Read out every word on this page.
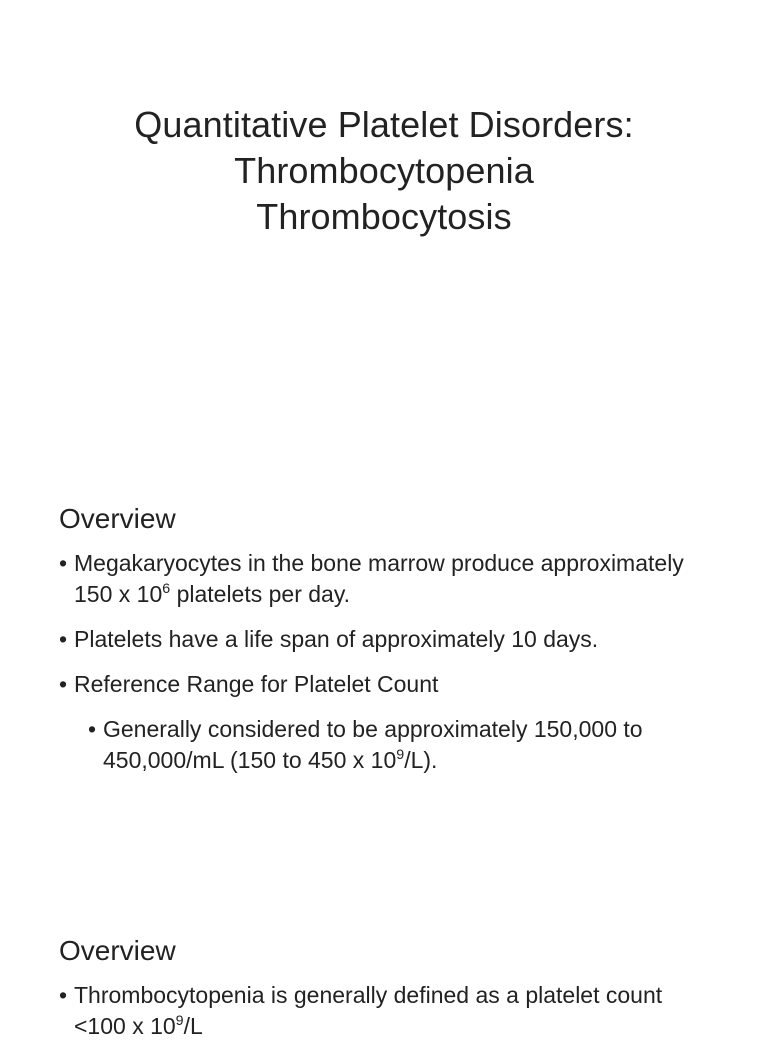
Quantitative Platelet Disorders:
Thrombocytopenia
Thrombocytosis
Overview
• Megakaryocytes in the bone marrow produce approximately 150 x $10^6$ platelets per day.
• Platelets have a life span of approximately 10 days.
• Reference Range for Platelet Count
• Generally considered to be approximately 150,000 to 450,000/mL (150 to 450 x $10^9/L$).
Overview
• Thrombocytopenia is generally defined as a platelet count <100 x $10^9/L$
